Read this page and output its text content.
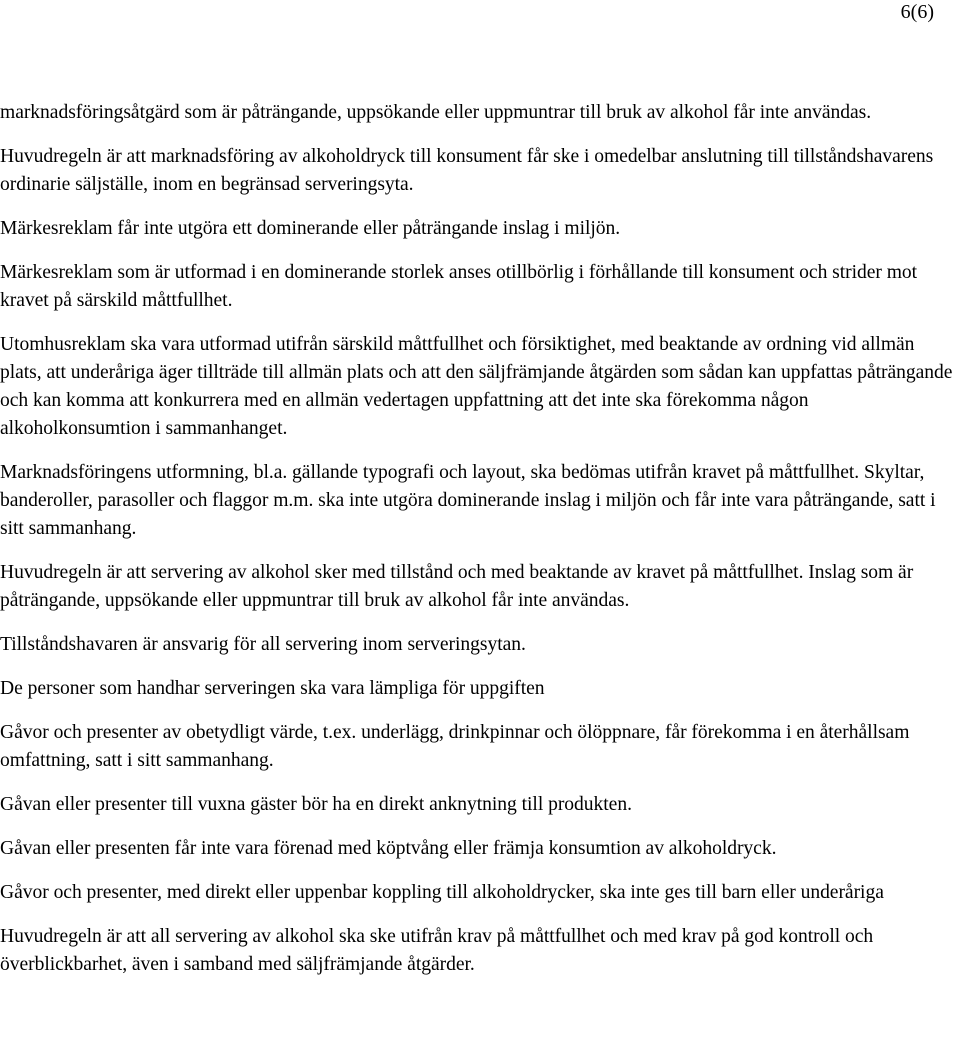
6(6)

marknadsföringsåtgärd som är påträngande, uppsökande eller uppmuntrar till bruk av alkohol får inte användas.

Huvudregeln är att marknadsföring av alkoholdryck till konsument får ske i omedelbar anslutning till tillståndshavarens ordinarie säljställe, inom en begränsad serveringsyta.

Märkesreklam får inte utgöra ett dominerande eller påträngande inslag i miljön.

Märkesreklam som är utformad i en dominerande storlek anses otillbörlig i förhållande till konsument och strider mot kravet på särskild måttfullhet.

Utomhusreklam ska vara utformad utifrån särskild måttfullhet och försiktighet, med beaktande av ordning vid allmän plats, att underåriga äger tillträde till allmän plats och att den säljfrämjande åtgärden som sådan kan uppfattas påträngande och kan komma att konkurrera med en allmän vedertagen uppfattning att det inte ska förekomma någon alkoholkonsumtion i sammanhanget.

Marknadsföringens utformning, bl.a. gällande typografi och layout, ska bedömas utifrån kravet på måttfullhet. Skyltar, banderoller, parasoller och flaggor m.m. ska inte utgöra dominerande inslag i miljön och får inte vara påträngande, satt i sitt sammanhang.

Huvudregeln är att servering av alkohol sker med tillstånd och med beaktande av kravet på måttfullhet. Inslag som är påträngande, uppsökande eller uppmuntrar till bruk av alkohol får inte användas.

Tillståndshavaren är ansvarig för all servering inom serveringsytan.

De personer som handhar serveringen ska vara lämpliga för uppgiften

Gåvor och presenter av obetydligt värde, t.ex. underlägg, drinkpinnar och ölöppnare, får förekomma i en återhållsam omfattning, satt i sitt sammanhang.

Gåvan eller presenter till vuxna gäster bör ha en direkt anknytning till produkten.

Gåvan eller presenten får inte vara förenad med köptvång eller främja konsumtion av alkoholdryck.

Gåvor och presenter, med direkt eller uppenbar koppling till alkoholdrycker, ska inte ges till barn eller underåriga

Huvudregeln är att all servering av alkohol ska ske utifrån krav på måttfullhet och med krav på god kontroll och överblickbarhet, även i samband med säljfrämjande åtgärder.
